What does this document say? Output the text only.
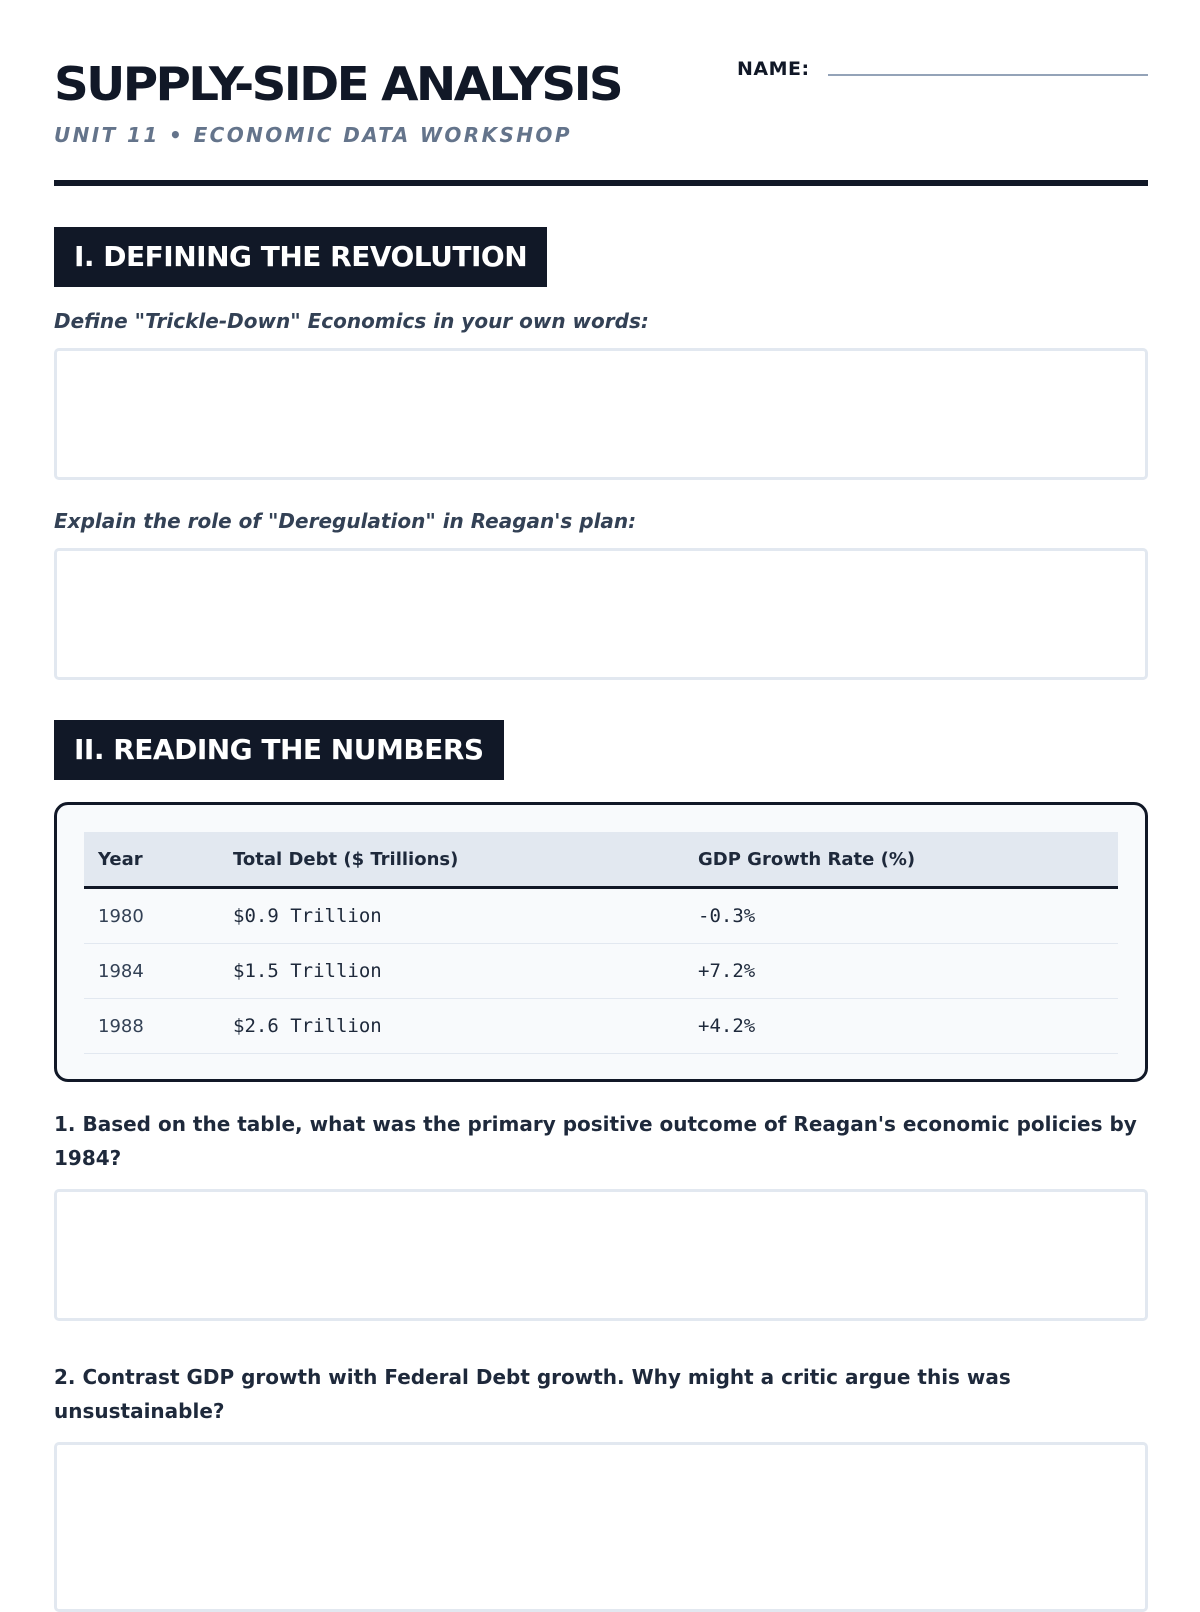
SUPPLY-SIDE ANALYSIS
UNIT 11 • ECONOMIC DATA WORKSHOP
NAME:
I. DEFINING THE REVOLUTION
Define "Trickle-Down" Economics in your own words:
Explain the role of "Deregulation" in Reagan's plan:
II. READING THE NUMBERS
Year	Total Debt ($ Trillions)	GDP Growth Rate (%)
1980	$0.9 Trillion	-0.3%
1984	$1.5 Trillion	+7.2%
1988	$2.6 Trillion	+4.2%
1. Based on the table, what was the primary positive outcome of Reagan's economic policies by 1984?
2. Contrast GDP growth with Federal Debt growth. Why might a critic argue this was unsustainable?
